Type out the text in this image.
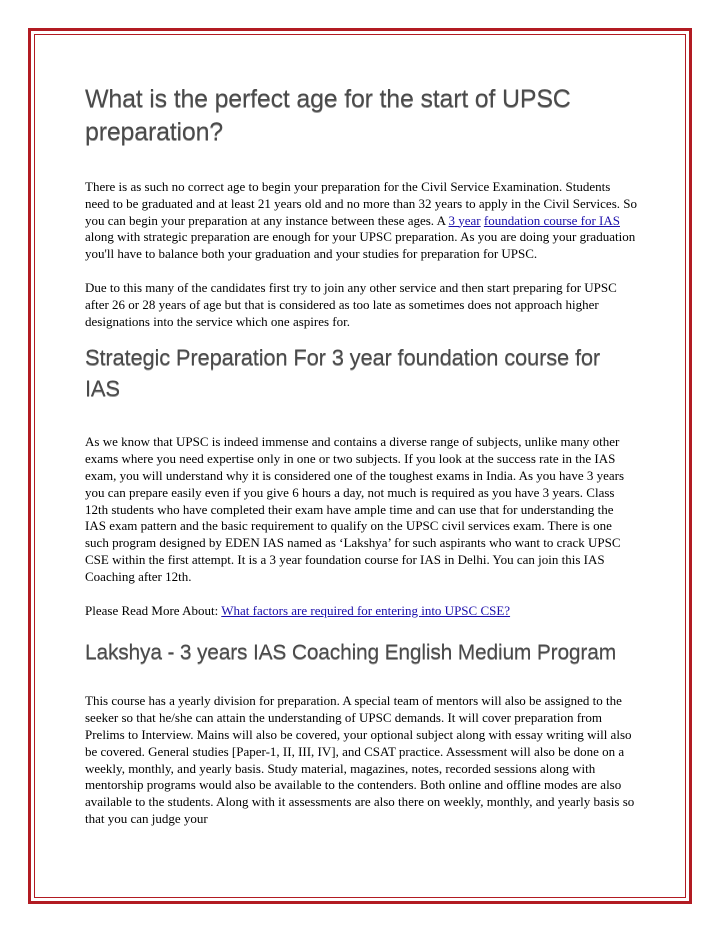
What is the perfect age for the start of UPSC preparation?

There is as such no correct age to begin your preparation for the Civil Service Examination. Students need to be graduated and at least 21 years old and no more than 32 years to apply in the Civil Services. So you can begin your preparation at any instance between these ages. A 3 year foundation course for IAS along with strategic preparation are enough for your UPSC preparation. As you are doing your graduation you'll have to balance both your graduation and your studies for preparation for UPSC.

Due to this many of the candidates first try to join any other service and then start preparing for UPSC after 26 or 28 years of age but that is considered as too late as sometimes does not approach higher designations into the service which one aspires for.

Strategic Preparation For 3 year foundation course for IAS

As we know that UPSC is indeed immense and contains a diverse range of subjects, unlike many other exams where you need expertise only in one or two subjects. If you look at the success rate in the IAS exam, you will understand why it is considered one of the toughest exams in India. As you have 3 years you can prepare easily even if you give 6 hours a day, not much is required as you have 3 years. Class 12th students who have completed their exam have ample time and can use that for understanding the IAS exam pattern and the basic requirement to qualify on the UPSC civil services exam. There is one such program designed by EDEN IAS named as ‘Lakshya’ for such aspirants who want to crack UPSC CSE within the first attempt. It is a 3 year foundation course for IAS in Delhi. You can join this IAS Coaching after 12th.

Please Read More About: What factors are required for entering into UPSC CSE?

Lakshya - 3 years IAS Coaching English Medium Program

This course has a yearly division for preparation. A special team of mentors will also be assigned to the seeker so that he/she can attain the understanding of UPSC demands. It will cover preparation from Prelims to Interview. Mains will also be covered, your optional subject along with essay writing will also be covered. General studies [Paper-1, II, III, IV], and CSAT practice. Assessment will also be done on a weekly, monthly, and yearly basis. Study material, magazines, notes, recorded sessions along with mentorship programs would also be available to the contenders. Both online and offline modes are also available to the students. Along with it assessments are also there on weekly, monthly, and yearly basis so that you can judge your
